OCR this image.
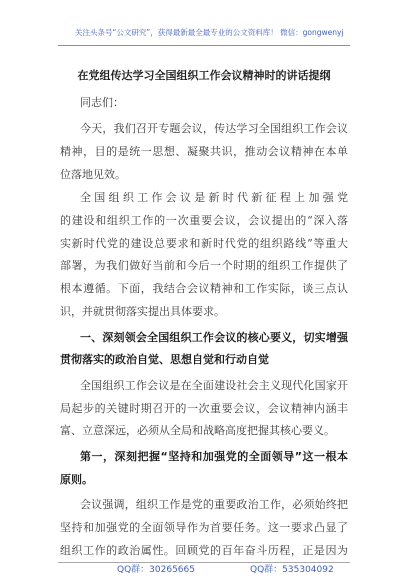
关注头条号“公文研究”，获得最新最全最专业的公文资料库！ 微信：gongwenyj
在党组传达学习全国组织工作会议精神时的讲话提纲
同志们：
今天，我们召开专题会议，传达学习全国组织工作会议
精神，目的是统一思想、凝聚共识，推动会议精神在本单
位落地见效。
全国组织工作会议是新时代新征程上加强党
的建设和组织工作的一次重要会议，会议提出的“深入落
实新时代党的建设总要求和新时代党的组织路线”等重大
部署，为我们做好当前和今后一个时期的组织工作提供了
根本遵循。下面，我结合会议精神和工作实际，谈三点认
识，并就贯彻落实提出具体要求。
一、深刻领会全国组织工作会议的核心要义，切实增强
贯彻落实的政治自觉、思想自觉和行动自觉
全国组织工作会议是在全面建设社会主义现代化国家开
局起步的关键时期召开的一次重要会议，会议精神内涵丰
富、立意深远，必须从全局和战略高度把握其核心要义。
第一，深刻把握“坚持和加强党的全面领导”这一根本
原则。
会议强调，组织工作是党的重要政治工作，必须始终把
坚持和加强党的全面领导作为首要任务。这一要求凸显了
组织工作的政治属性。回顾党的百年奋斗历程，正是因为
QQ群：30265665	QQ群：535304092
